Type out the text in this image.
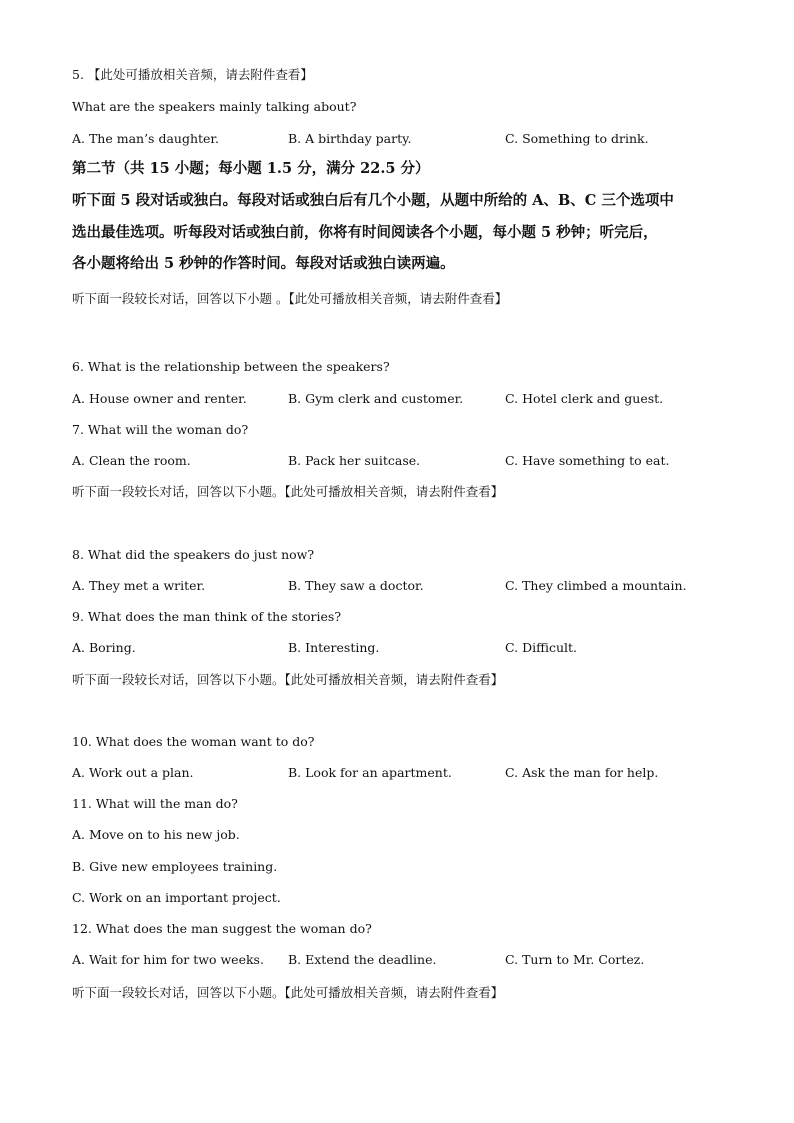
5. 【此处可播放相关音频，请去附件查看】
What are the speakers mainly talking about?
A. The man’s daughter.	B. A birthday party.	C. Something to drink.
第二节（共 15 小题；每小题 1.5 分，满分 22.5 分）
听下面 5 段对话或独白。每段对话或独白后有几个小题，从题中所给的 A、B、C 三个选项中
选出最佳选项。听每段对话或独白前，你将有时间阅读各个小题，每小题 5 秒钟；听完后，
各小题将给出 5 秒钟的作答时间。每段对话或独白读两遍。
听下面一段较长对话，回答以下小题 。【此处可播放相关音频，请去附件查看】
6. What is the relationship between the speakers?
A. House owner and renter.	B. Gym clerk and customer.	C. Hotel clerk and guest.
7. What will the woman do?
A. Clean the room.	B. Pack her suitcase.	C. Have something to eat.
听下面一段较长对话，回答以下小题。【此处可播放相关音频，请去附件查看】
8. What did the speakers do just now?
A. They met a writer.	B. They saw a doctor.	C. They climbed a mountain.
9. What does the man think of the stories?
A. Boring.	B. Interesting.	C. Difficult.
听下面一段较长对话，回答以下小题。【此处可播放相关音频，请去附件查看】
10. What does the woman want to do?
A. Work out a plan.	B. Look for an apartment.	C. Ask the man for help.
11. What will the man do?
A. Move on to his new job.
B. Give new employees training.
C. Work on an important project.
12. What does the man suggest the woman do?
A. Wait for him for two weeks. B. Extend the deadline.	C. Turn to Mr. Cortez.
听下面一段较长对话，回答以下小题。【此处可播放相关音频，请去附件查看】
